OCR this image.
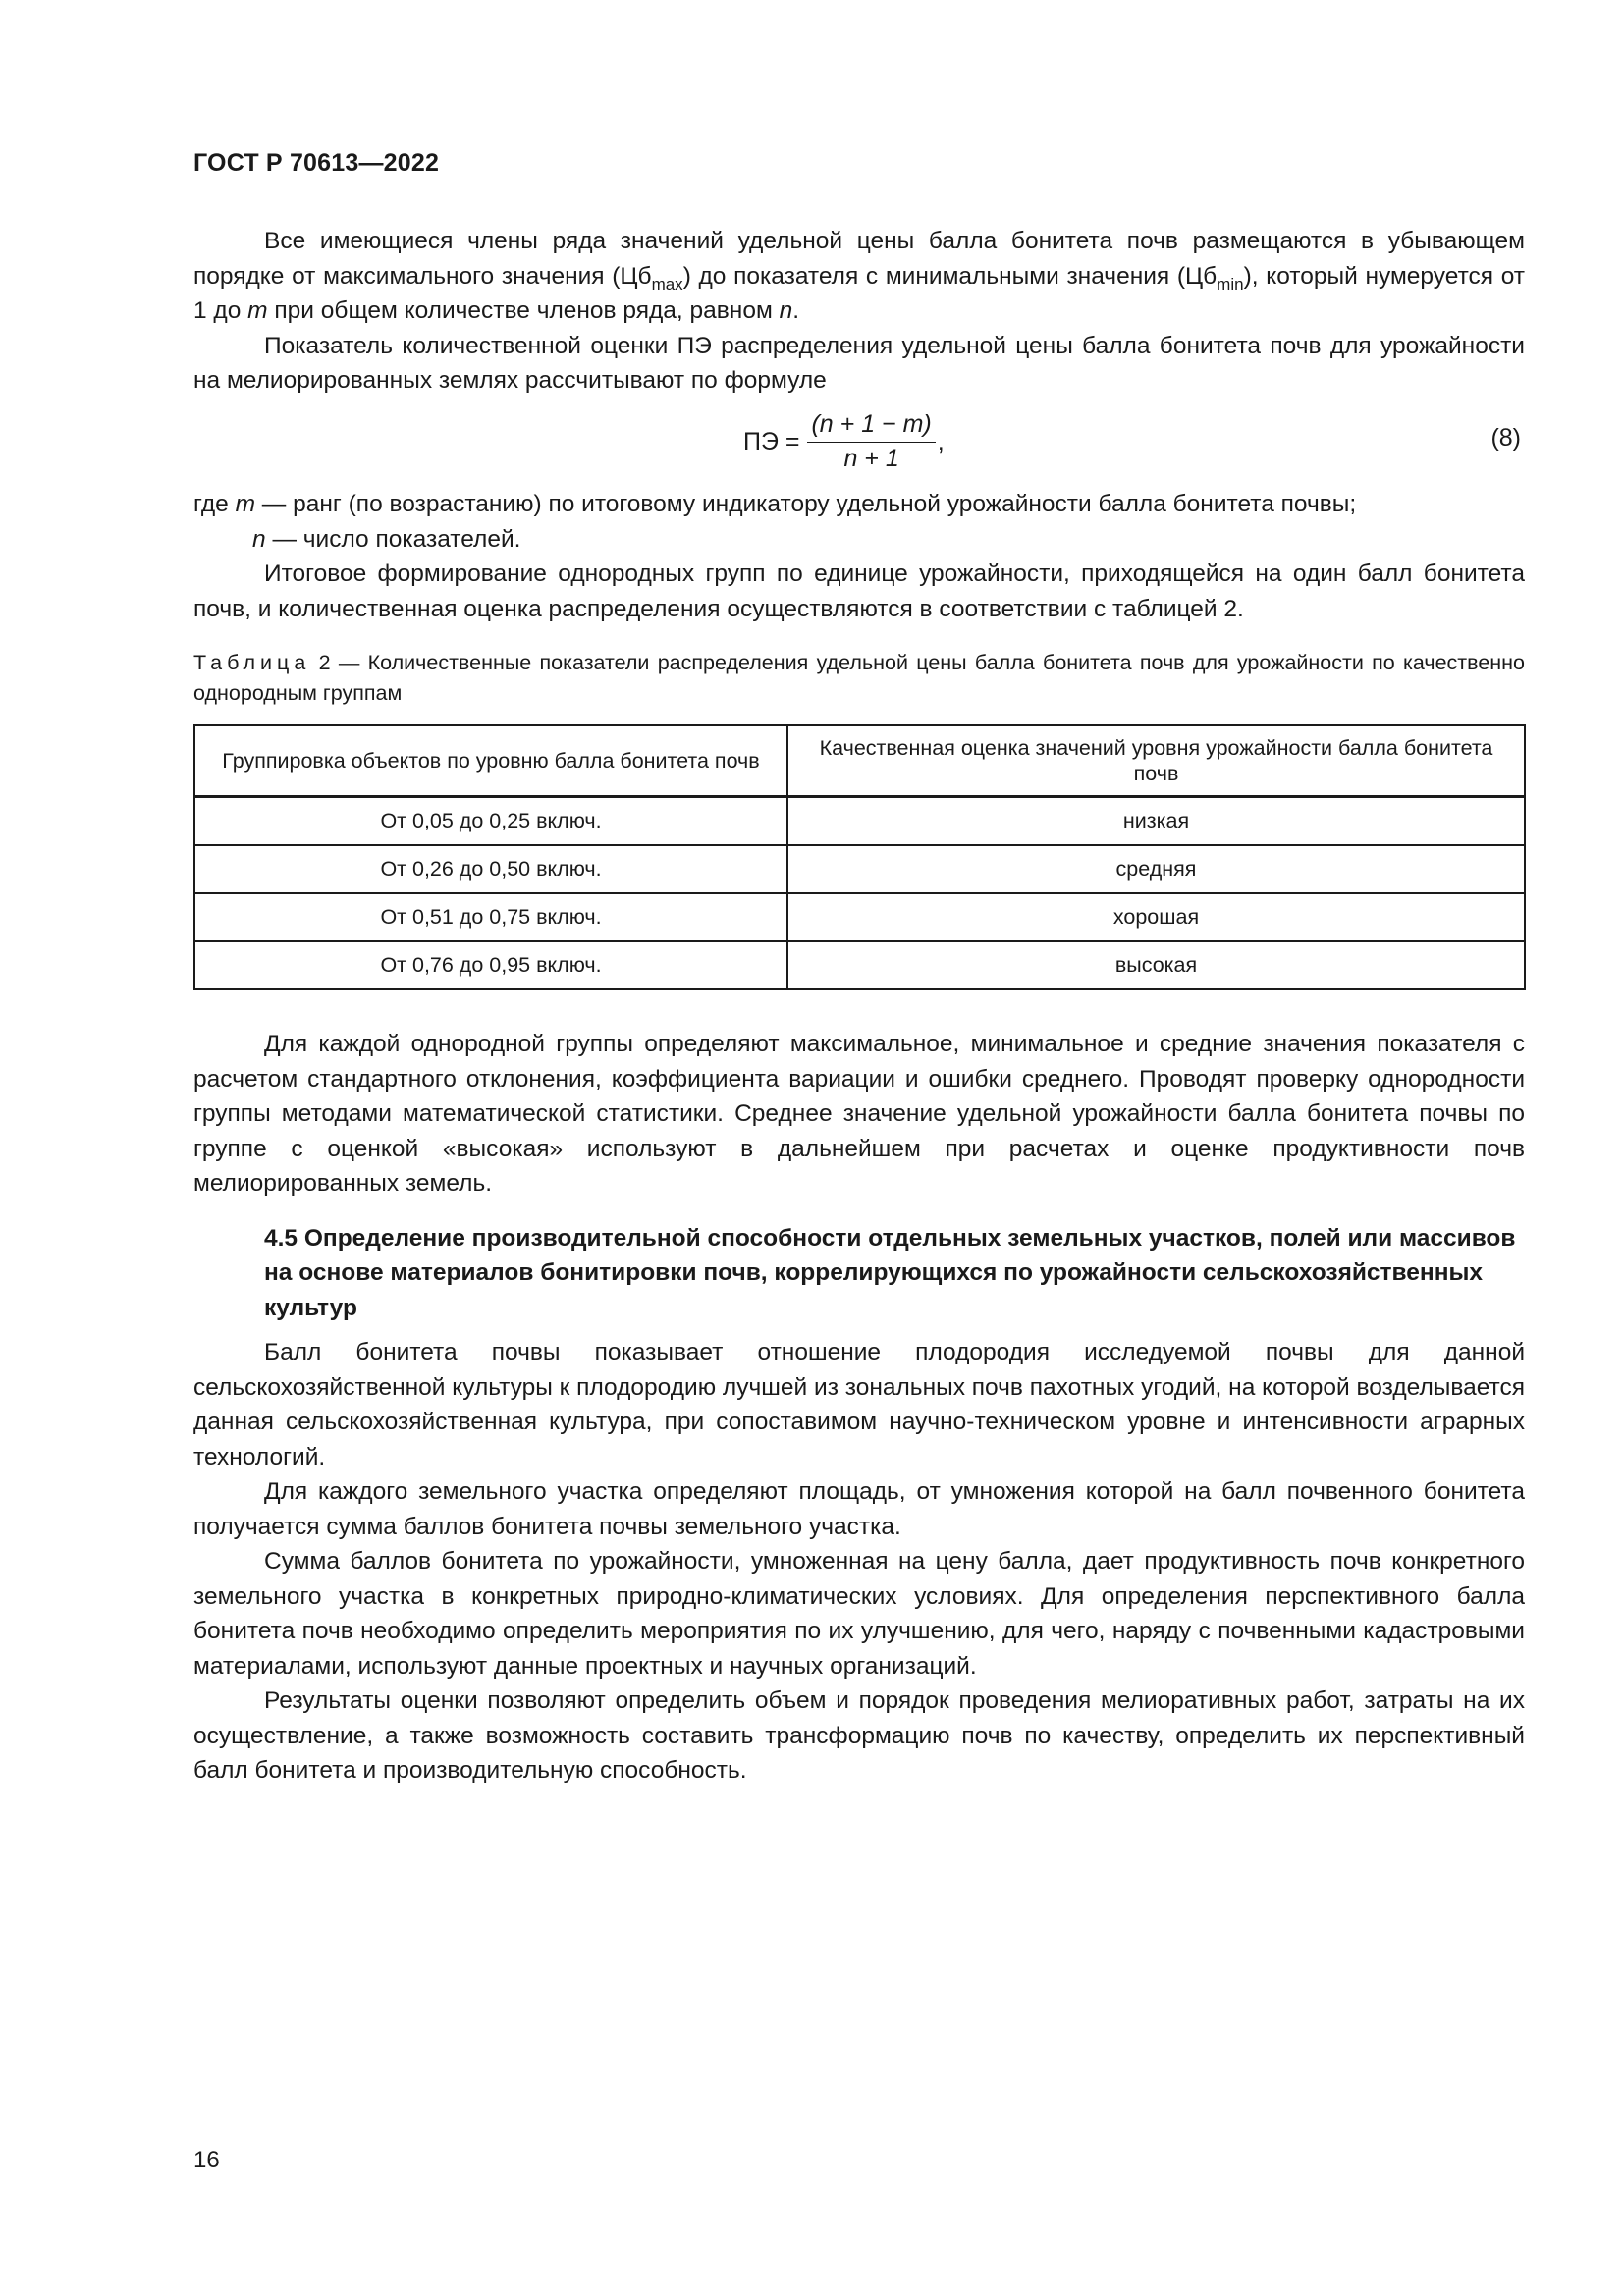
ГОСТ Р 70613—2022

Все имеющиеся члены ряда значений удельной цены балла бонитета почв размещаются в убывающем порядке от максимального значения $(Цб_{max})$ до показателя с минимальными значения $(Цб_{min})$, который нумеруется от 1 до m при общем количестве членов ряда, равном n.

Показатель количественной оценки ПЭ распределения удельной цены балла бонитета почв для урожайности на мелиорированных землях рассчитывают по формуле

ПЭ = $\frac{(n + 1 - m)}{n + 1}$ ,	(8)
где m — ранг (по возрастанию) по итоговому индикатору удельной урожайности балла бонитета почвы;
n — число показателей.

Итоговое формирование однородных групп по единице урожайности, приходящейся на один балл бонитета почв, и количественная оценка распределения осуществляются в соответствии с таблицей 2.

Таблица 2 — Количественные показатели распределения удельной цены балла бонитета почв для урожайности по качественно однородным группам
Группировка объектов по уровню балла бонитета почв	Качественная оценка значений уровня урожайности балла бонитета почв
От 0,05 до 0,25 включ.	низкая
От 0,26 до 0,50 включ.	средняя
От 0,51 до 0,75 включ.	хорошая
От 0,76 до 0,95 включ.	высокая

Для каждой однородной группы определяют максимальное, минимальное и средние значения показателя с расчетом стандартного отклонения, коэффициента вариации и ошибки среднего. Проводят проверку однородности группы методами математической статистики. Среднее значение удельной урожайности балла бонитета почвы по группе с оценкой «высокая» используют в дальнейшем при расчетах и оценке продуктивности почв мелиорированных земель.

4.5 Определение производительной способности отдельных земельных участков, полей или массивов на основе материалов бонитировки почв, коррелирующихся по урожайности сельскохозяйственных культур

Балл бонитета почвы показывает отношение плодородия исследуемой почвы для данной сельскохозяйственной культуры к плодородию лучшей из зональных почв пахотных угодий, на которой возделывается данная сельскохозяйственная культура, при сопоставимом научно-техническом уровне и интенсивности аграрных технологий.

Для каждого земельного участка определяют площадь, от умножения которой на балл почвенного бонитета получается сумма баллов бонитета почвы земельного участка.

Сумма баллов бонитета по урожайности, умноженная на цену балла, дает продуктивность почв конкретного земельного участка в конкретных природно-климатических условиях. Для определения перспективного балла бонитета почв необходимо определить мероприятия по их улучшению, для чего, наряду с почвенными кадастровыми материалами, используют данные проектных и научных организаций.

Результаты оценки позволяют определить объем и порядок проведения мелиоративных работ, затраты на их осуществление, а также возможность составить трансформацию почв по качеству, определить их перспективный балл бонитета и производительную способность.

16
